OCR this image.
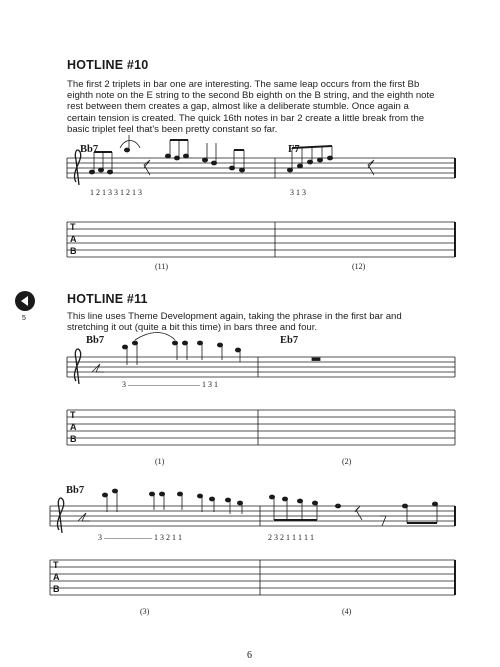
HOTLINE #10
The first 2 triplets in bar one are interesting. The same leap occurs from the first Bb eighth note on the E string to the second Bb eighth on the B string, and the eighth note rest between them creates a gap, almost like a deliberate stumble. Once again a certain tension is created. The quick 16th notes in bar 2 create a little break from the basic triplet feel that's been pretty constant so far.
Bb7	F7
1 2 1 3 3 1 2 1 3	3 1 3
(11)	(12)
5
HOTLINE #11
This line uses Theme Development again, taking the phrase in the first bar and stretching it out (quite a bit this time) in bars three and four.
Bb7	Eb7
3 ————————— 1 3 1
(1)	(2)
Bb7
3 —————— 1 3 2 1 1	2 3 2 1 1 1 1 1
(3)	(4)
6
T
A
B
T
A
B
T
A
B
